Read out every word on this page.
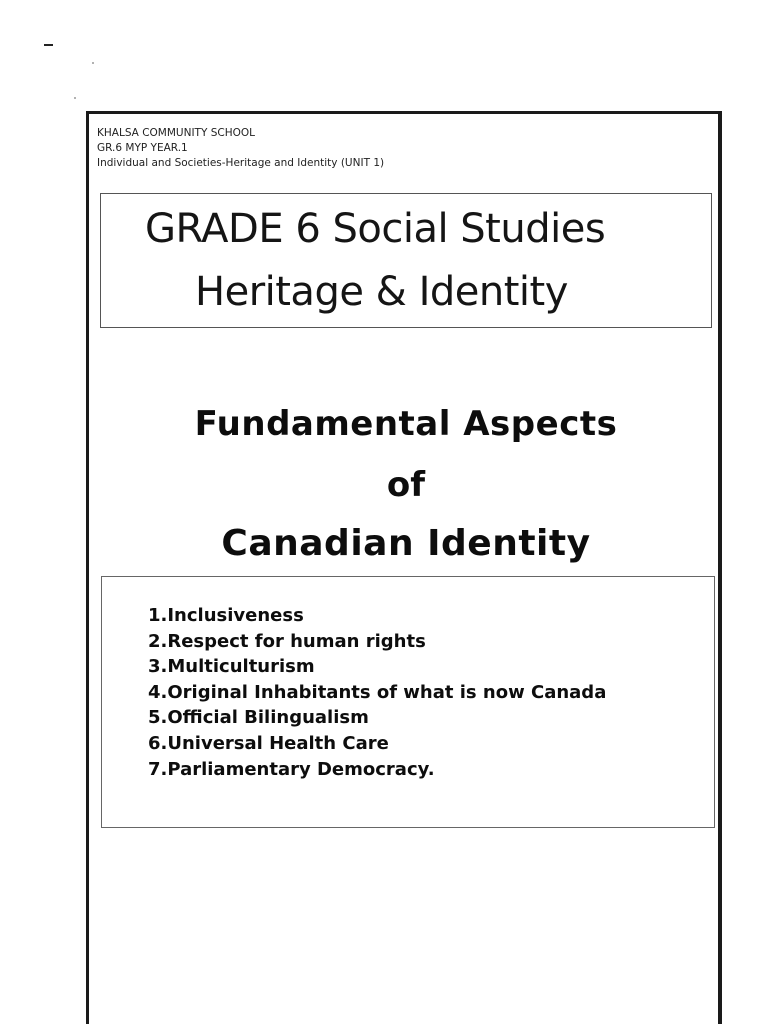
KHALSA COMMUNITY SCHOOL
GR.6 MYP YEAR.1
Individual and Societies-Heritage and Identity (UNIT 1)
GRADE 6 Social Studies
Heritage & Identity
Fundamental Aspects
of
Canadian Identity
1.Inclusiveness
2.Respect for human rights
3.Multiculturism
4.Original Inhabitants of what is now Canada
5.Official Bilingualism
6.Universal Health Care
7.Parliamentary Democracy.
